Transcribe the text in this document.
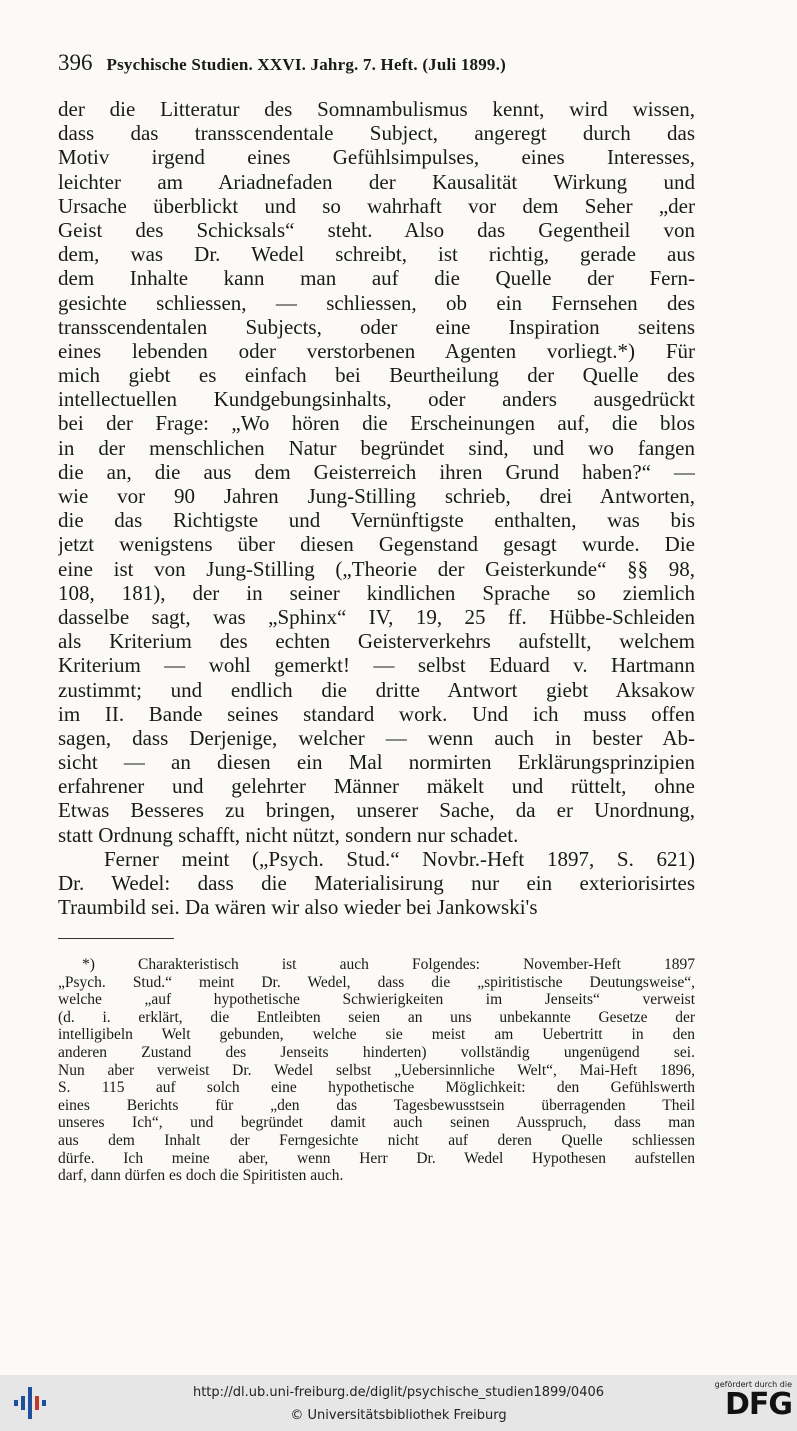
396 Psychische Studien. XXVI. Jahrg. 7. Heft. (Juli 1899.)
der die Litteratur des Somnambulismus kennt, wird wissen,
dass das transscendentale Subject, angeregt durch das
Motiv irgend eines Gefühlsimpulses, eines Interesses,
leichter am Ariadnefaden der Kausalität Wirkung und
Ursache überblickt und so wahrhaft vor dem Seher „der
Geist des Schicksals“ steht. Also das Gegentheil von
dem, was Dr. Wedel schreibt, ist richtig, gerade aus
dem Inhalte kann man auf die Quelle der Fern-
gesichte schliessen, — schliessen, ob ein Fernsehen des
transscendentalen Subjects, oder eine Inspiration seitens
eines lebenden oder verstorbenen Agenten vorliegt.*) Für
mich giebt es einfach bei Beurtheilung der Quelle des
intellectuellen Kundgebungsinhalts, oder anders ausgedrückt
bei der Frage: „Wo hören die Erscheinungen auf, die blos
in der menschlichen Natur begründet sind, und wo fangen
die an, die aus dem Geisterreich ihren Grund haben?“ —
wie vor 90 Jahren Jung-Stilling schrieb, drei Antworten,
die das Richtigste und Vernünftigste enthalten, was bis
jetzt wenigstens über diesen Gegenstand gesagt wurde. Die
eine ist von Jung-Stilling („Theorie der Geisterkunde“ §§ 98,
108, 181), der in seiner kindlichen Sprache so ziemlich
dasselbe sagt, was „Sphinx“ IV, 19, 25 ff. Hübbe-Schleiden
als Kriterium des echten Geisterverkehrs aufstellt, welchem
Kriterium — wohl gemerkt! — selbst Eduard v. Hartmann
zustimmt; und endlich die dritte Antwort giebt Aksakow
im II. Bande seines standard work. Und ich muss offen
sagen, dass Derjenige, welcher — wenn auch in bester Ab-
sicht — an diesen ein Mal normirten Erklärungsprinzipien
erfahrener und gelehrter Männer mäkelt und rüttelt, ohne
Etwas Besseres zu bringen, unserer Sache, da er Unordnung,
statt Ordnung schafft, nicht nützt, sondern nur schadet.
Ferner meint („Psych. Stud.“ Novbr.-Heft 1897, S. 621)
Dr. Wedel: dass die Materialisirung nur ein exteriorisirtes
Traumbild sei. Da wären wir also wieder bei Jankowski's
*) Charakteristisch ist auch Folgendes: November-Heft 1897
„Psych. Stud.“ meint Dr. Wedel, dass die „spiritistische Deutungsweise“,
welche „auf hypothetische Schwierigkeiten im Jenseits“ verweist
(d. i. erklärt, die Entleibten seien an uns unbekannte Gesetze der
intelligibeln Welt gebunden, welche sie meist am Uebertritt in den
anderen Zustand des Jenseits hinderten) vollständig ungenügend sei.
Nun aber verweist Dr. Wedel selbst „Uebersinnliche Welt“, Mai-Heft 1896,
S. 115 auf solch eine hypothetische Möglichkeit: den Gefühlswerth
eines Berichts für „den das Tagesbewusstsein überragenden Theil
unseres Ich“, und begründet damit auch seinen Ausspruch, dass man
aus dem Inhalt der Ferngesichte nicht auf deren Quelle schliessen
dürfe. Ich meine aber, wenn Herr Dr. Wedel Hypothesen aufstellen
darf, dann dürfen es doch die Spiritisten auch.
http://dl.ub.uni-freiburg.de/diglit/psychische_studien1899/0406
© Universitätsbibliothek Freiburg
gefördert durch die
DFG
